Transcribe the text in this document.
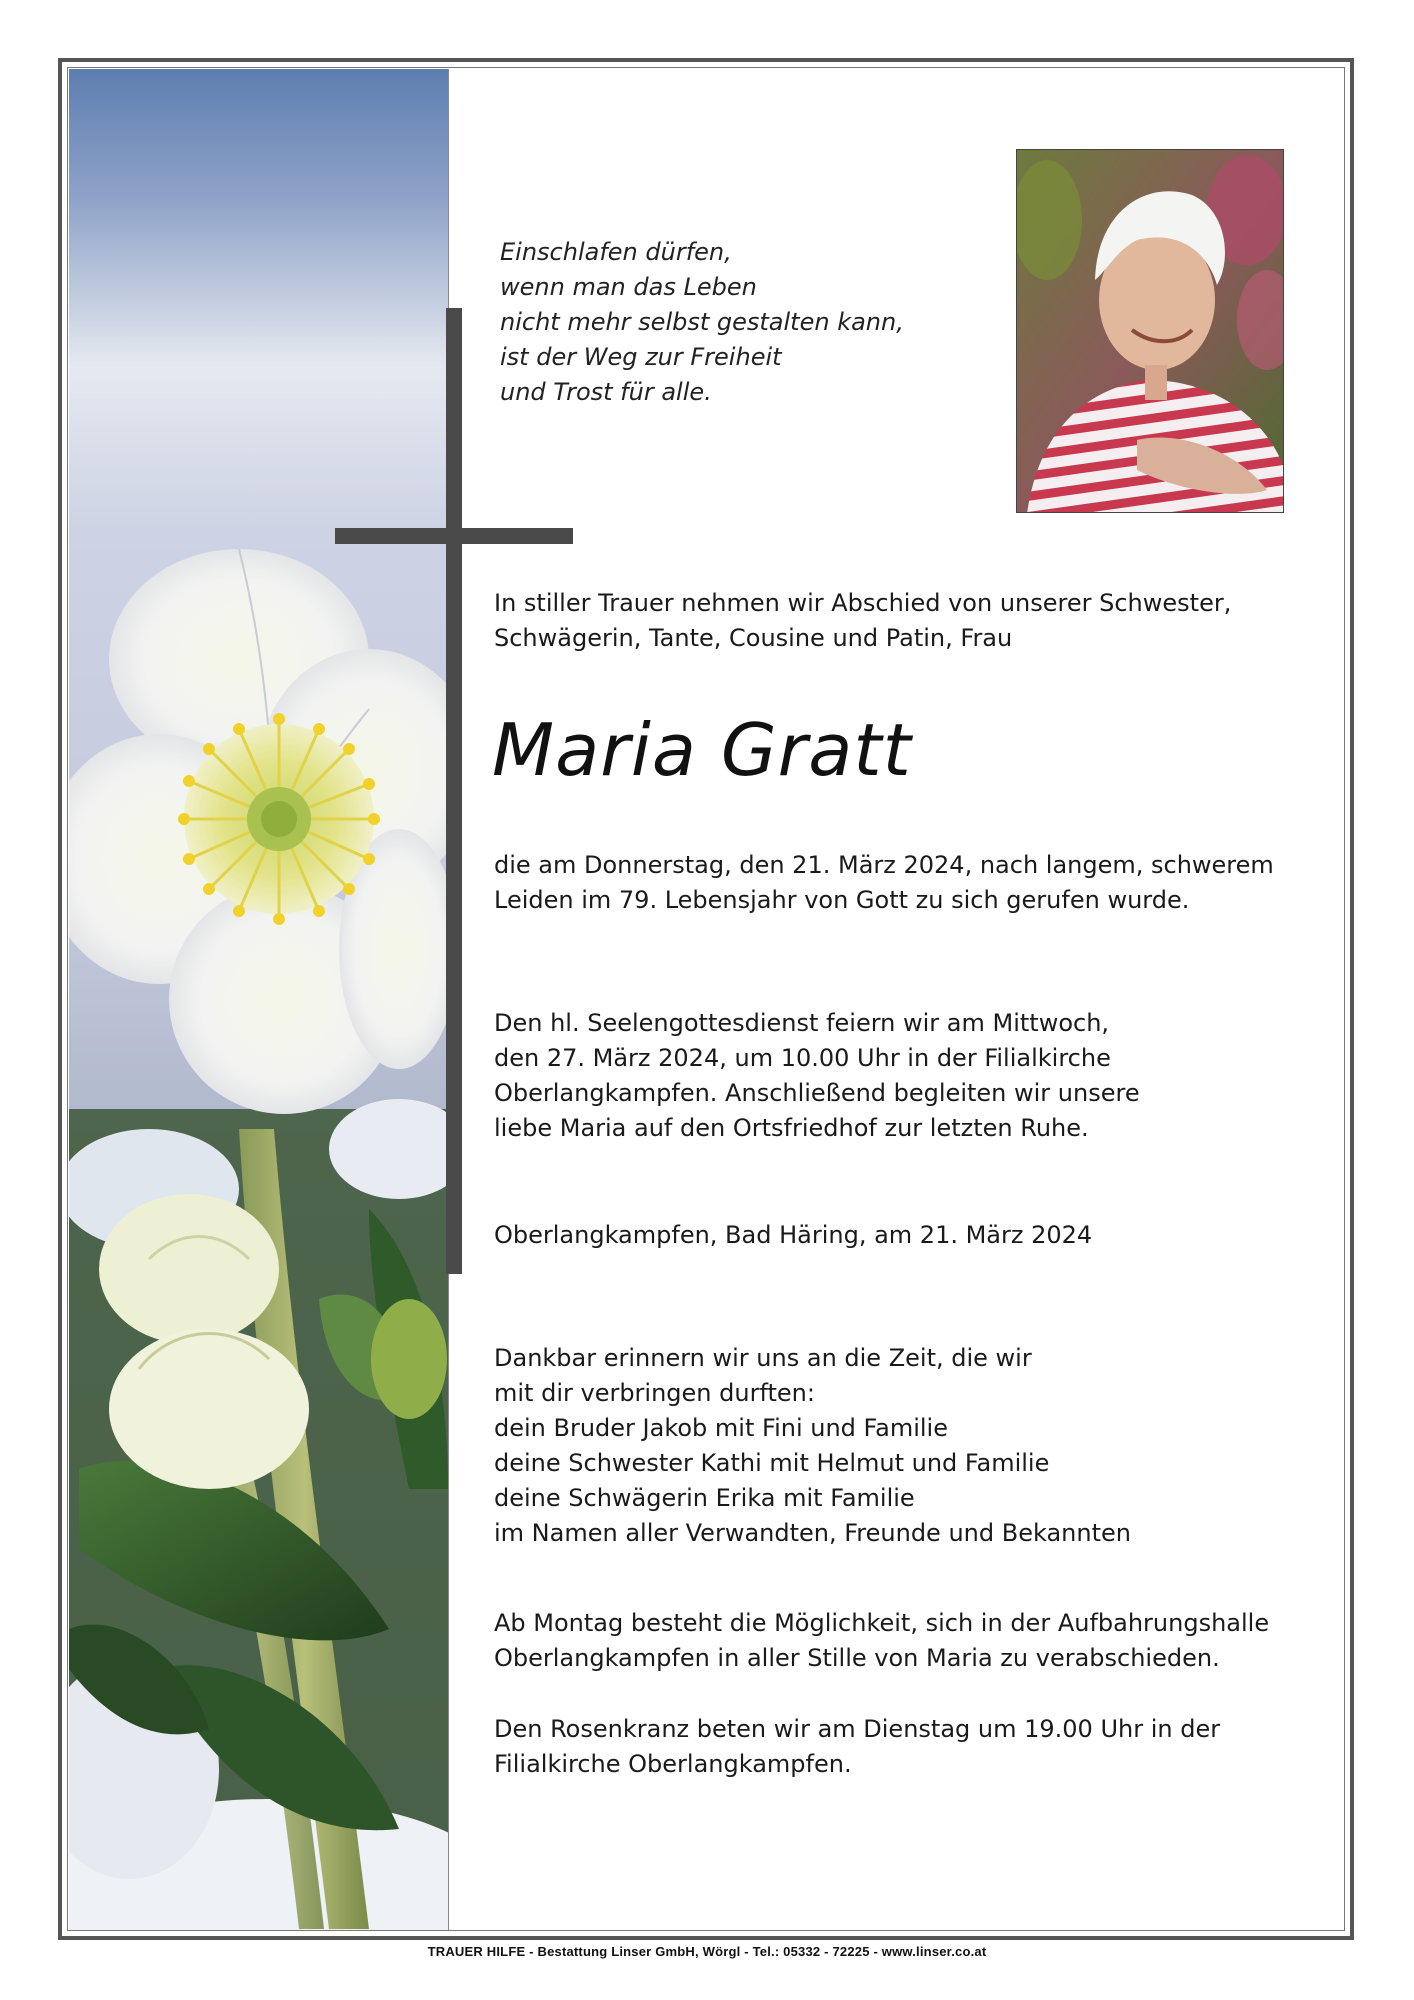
Einschlafen dürfen,
wenn man das Leben
nicht mehr selbst gestalten kann,
ist der Weg zur Freiheit
und Trost für alle.
In stiller Trauer nehmen wir Abschied von unserer Schwester,
Schwägerin, Tante, Cousine und Patin, Frau
Maria Gratt
die am Donnerstag, den 21. März 2024, nach langem, schwerem
Leiden im 79. Lebensjahr von Gott zu sich gerufen wurde.
Den hl. Seelengottesdienst feiern wir am Mittwoch,
den 27. März 2024, um 10.00 Uhr in der Filialkirche
Oberlangkampfen. Anschließend begleiten wir unsere
liebe Maria auf den Ortsfriedhof zur letzten Ruhe.
Oberlangkampfen, Bad Häring, am 21. März 2024
Dankbar erinnern wir uns an die Zeit, die wir
mit dir verbringen durften:
dein Bruder Jakob mit Fini und Familie
deine Schwester Kathi mit Helmut und Familie
deine Schwägerin Erika mit Familie
im Namen aller Verwandten, Freunde und Bekannten
Ab Montag besteht die Möglichkeit, sich in der Aufbahrungshalle
Oberlangkampfen in aller Stille von Maria zu verabschieden.
Den Rosenkranz beten wir am Dienstag um 19.00 Uhr in der
Filialkirche Oberlangkampfen.
TRAUER HILFE - Bestattung Linser GmbH, Wörgl - Tel.: 05332 - 72225 - www.linser.co.at
